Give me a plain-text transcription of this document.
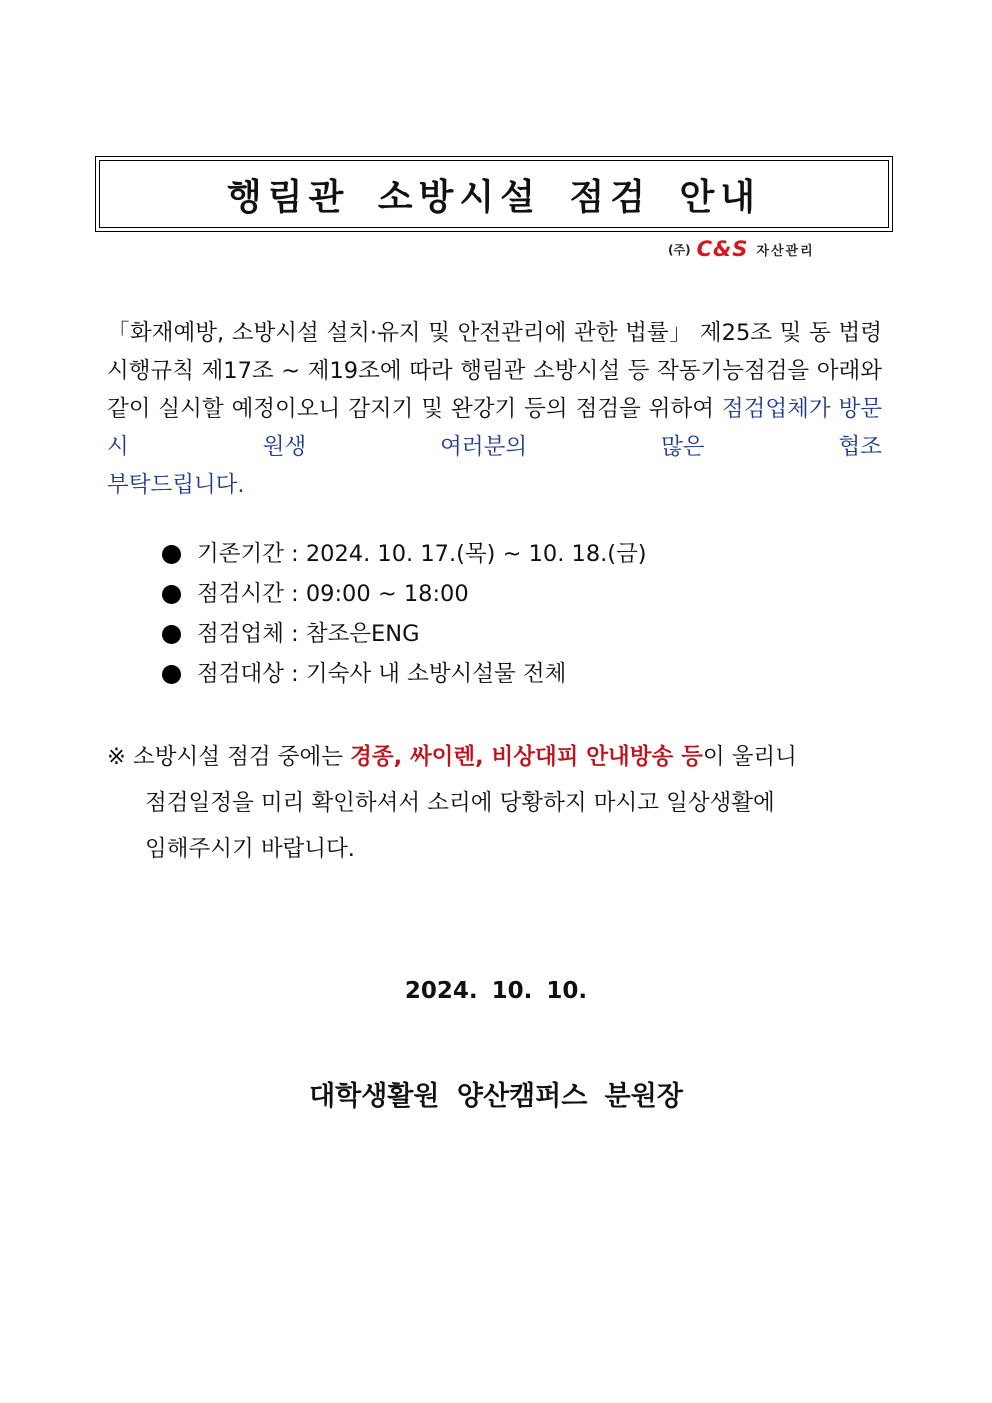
행림관 소방시설 점검 안내
(주) C&S 자산관리

「화재예방, 소방시설 설치·유지 및 안전관리에 관한 법률」 제25조 및 동 법령 시행규칙 제17조 ~ 제19조에 따라 행림관 소방시설 등 작동기능점검을 아래와 같이 실시할 예정이오니 감지기 및 완강기 등의 점검을 위하여 점검업체가 방문 시 원생 여러분의 많은 협조

부탁드립니다.

기존기간 : 2024. 10. 17.(목) ~ 10. 18.(금)
점검시간 : 09:00 ~ 18:00
점검업체 : 참조은ENG
점검대상 : 기숙사 내 소방시설물 전체
※ 소방시설 점검 중에는 경종, 싸이렌, 비상대피 안내방송 등이 울리니
점검일정을 미리 확인하셔서 소리에 당황하지 마시고 일상생활에
임해주시기 바랍니다.
2024. 10. 10.
대학생활원 양산캠퍼스 분원장
